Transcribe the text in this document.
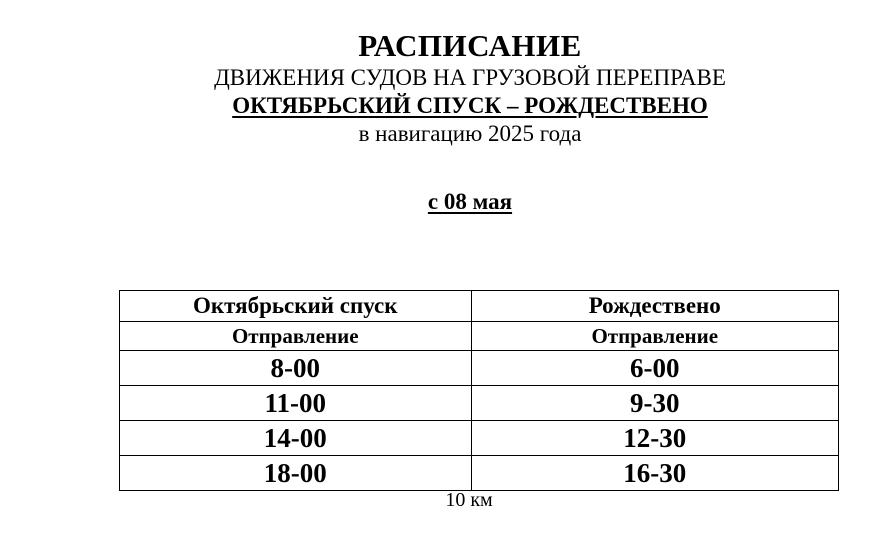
РАСПИСАНИЕ
ДВИЖЕНИЯ СУДОВ НА ГРУЗОВОЙ ПЕРЕПРАВЕ
ОКТЯБРЬСКИЙ СПУСК – РОЖДЕСТВЕНО
в навигацию 2025 года
с 08 мая
Октябрьский спуск	Рождествено
Отправление	Отправление
8-00	6-00
11-00	9-30
14-00	12-30
18-00	16-30
10 км
